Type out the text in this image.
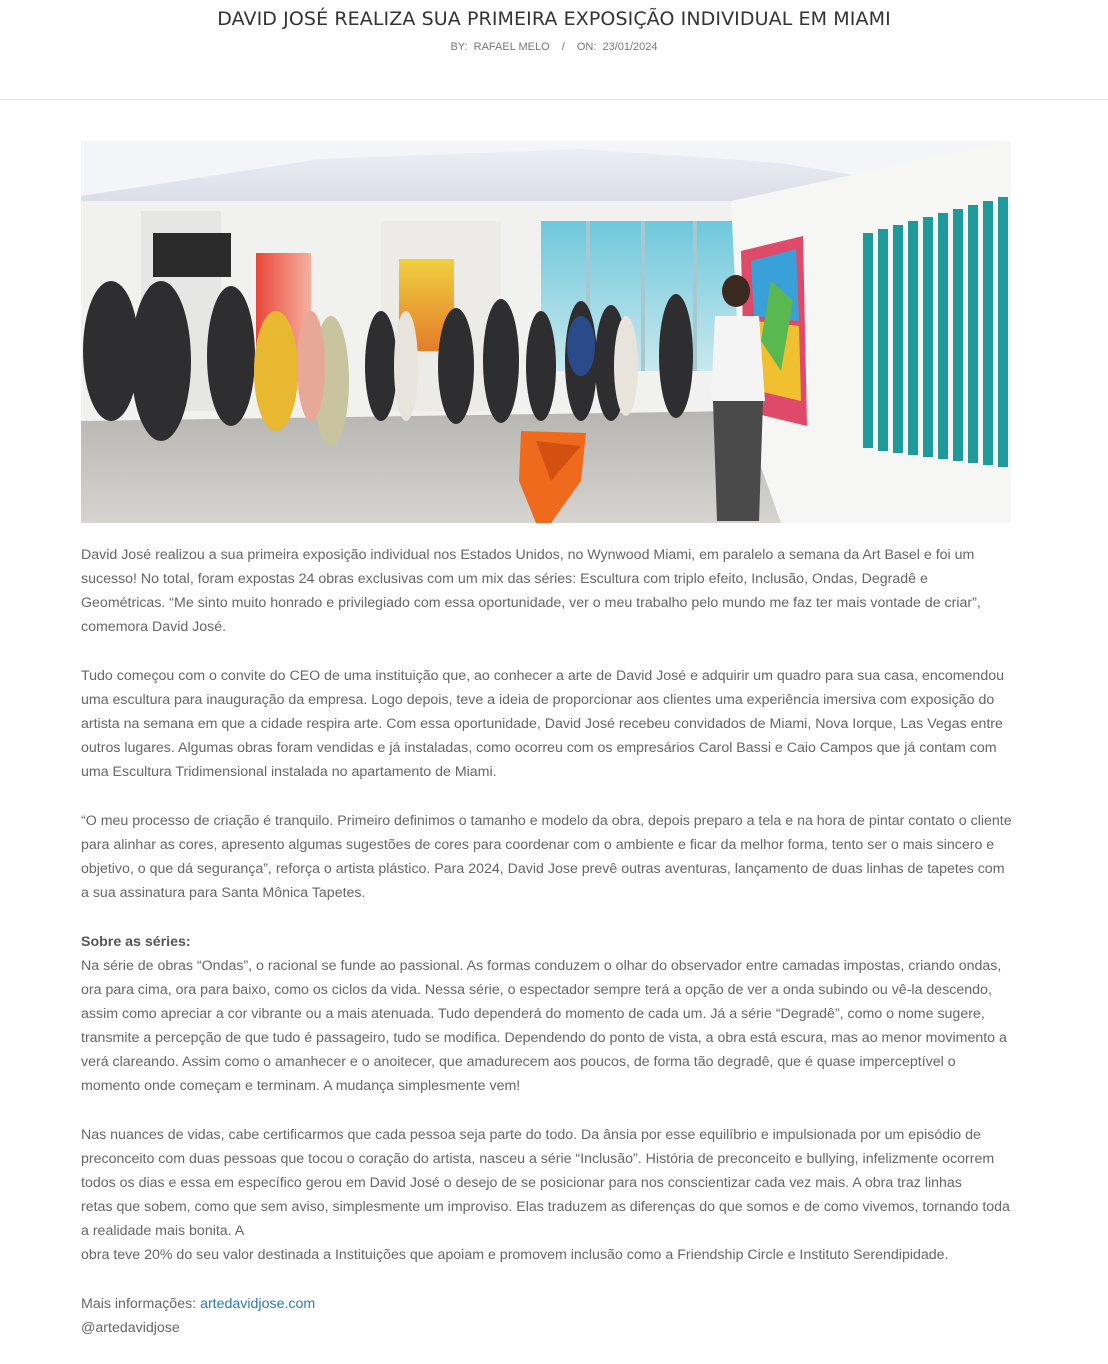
DAVID JOSÉ REALIZA SUA PRIMEIRA EXPOSIÇÃO INDIVIDUAL EM MIAMI
BY: RAFAEL MELO / ON: 23/01/2024

David José realizou a sua primeira exposição individual nos Estados Unidos, no Wynwood Miami, em paralelo a semana da Art Basel e foi um sucesso! No total, foram expostas 24 obras exclusivas com um mix das séries: Escultura com triplo efeito, Inclusão, Ondas, Degradê e Geométricas. “Me sinto muito honrado e privilegiado com essa oportunidade, ver o meu trabalho pelo mundo me faz ter mais vontade de criar”, comemora David José.

Tudo começou com o convite do CEO de uma instituição que, ao conhecer a arte de David José e adquirir um quadro para sua casa, encomendou uma escultura para inauguração da empresa. Logo depois, teve a ideia de proporcionar aos clientes uma experiência imersiva com exposição do artista na semana em que a cidade respira arte. Com essa oportunidade, David José recebeu convidados de Miami, Nova Iorque, Las Vegas entre outros lugares. Algumas obras foram vendidas e já instaladas, como ocorreu com os empresários Carol Bassi e Caio Campos que já contam com uma Escultura Tridimensional instalada no apartamento de Miami.

“O meu processo de criação é tranquilo. Primeiro definimos o tamanho e modelo da obra, depois preparo a tela e na hora de pintar contato o cliente para alinhar as cores, apresento algumas sugestões de cores para coordenar com o ambiente e ficar da melhor forma, tento ser o mais sincero e objetivo, o que dá segurança”, reforça o artista plástico. Para 2024, David Jose prevê outras aventuras, lançamento de duas linhas de tapetes com a sua assinatura para Santa Mônica Tapetes.

Sobre as séries:
Na série de obras “Ondas”, o racional se funde ao passional. As formas conduzem o olhar do observador entre camadas impostas, criando ondas, ora para cima, ora para baixo, como os ciclos da vida. Nessa série, o espectador sempre terá a opção de ver a onda subindo ou vê-la descendo, assim como apreciar a cor vibrante ou a mais atenuada. Tudo dependerá do momento de cada um. Já a série “Degradê”, como o nome sugere, transmite a percepção de que tudo é passageiro, tudo se modifica. Dependendo do ponto de vista, a obra está escura, mas ao menor movimento a verá clareando. Assim como o amanhecer e o anoitecer, que amadurecem aos poucos, de forma tão degradê, que é quase imperceptível o momento onde começam e terminam. A mudança simplesmente vem!

Nas nuances de vidas, cabe certificarmos que cada pessoa seja parte do todo. Da ânsia por esse equilíbrio e impulsionada por um episódio de preconceito com duas pessoas que tocou o coração do artista, nasceu a série “Inclusão”. História de preconceito e bullying, infelizmente ocorrem todos os dias e essa em específico gerou em David José o desejo de se posicionar para nos conscientizar cada vez mais. A obra traz linhas
retas que sobem, como que sem aviso, simplesmente um improviso. Elas traduzem as diferenças do que somos e de como vivemos, tornando toda a realidade mais bonita. A
obra teve 20% do seu valor destinada a Instituições que apoiam e promovem inclusão como a Friendship Circle e Instituto Serendipidade.

Mais informações: artedavidjose.com

@artedavidjose
